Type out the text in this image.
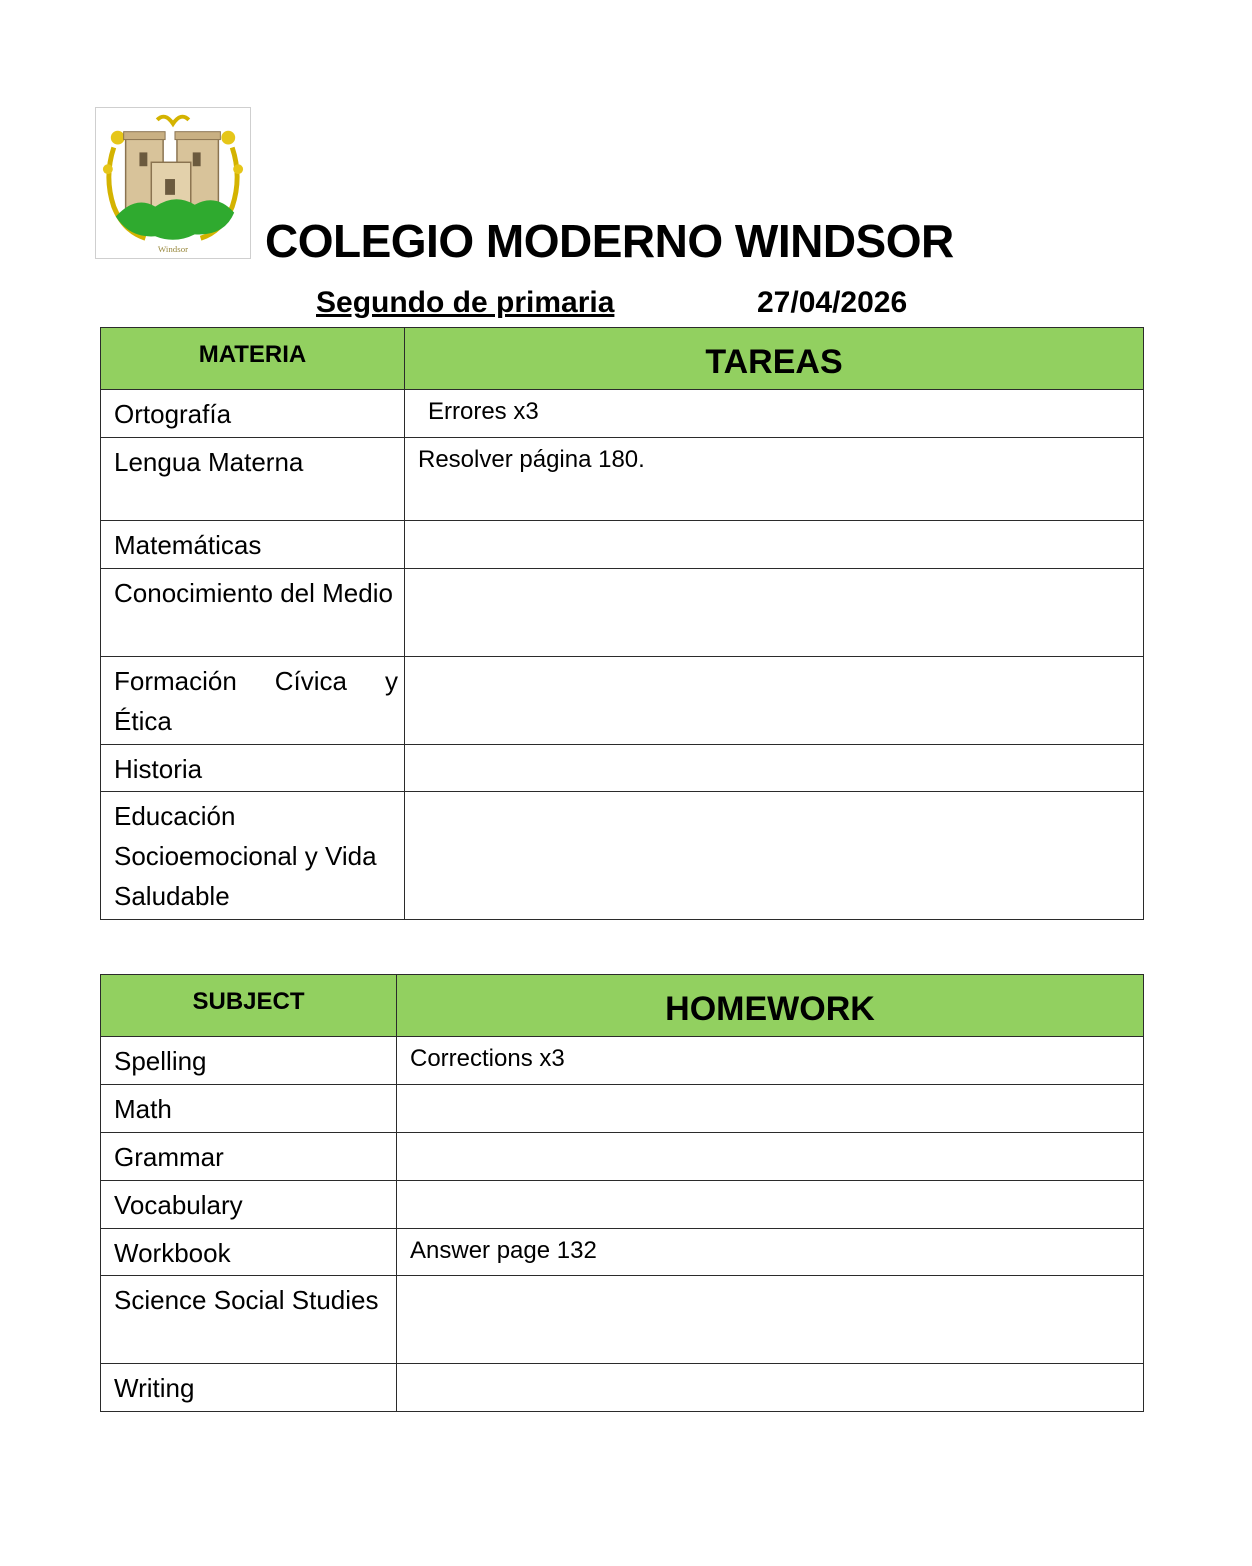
Windsor COLEGIO MODERNO WINDSOR
Segundo de primaria	27/04/2026
MATERIA	TAREAS
Ortografía	Errores x3
Lengua Materna	Resolver página 180.
Matemáticas	
Conocimiento del Medio	

Formación Cívica y
Ética	

Historia	
Educación Socioemocional y Vida Saludable	
SUBJECT	HOMEWORK
Spelling	Corrections x3
Math	
Grammar	
Vocabulary	
Workbook	Answer page 132
Science Social Studies	
Writing	
